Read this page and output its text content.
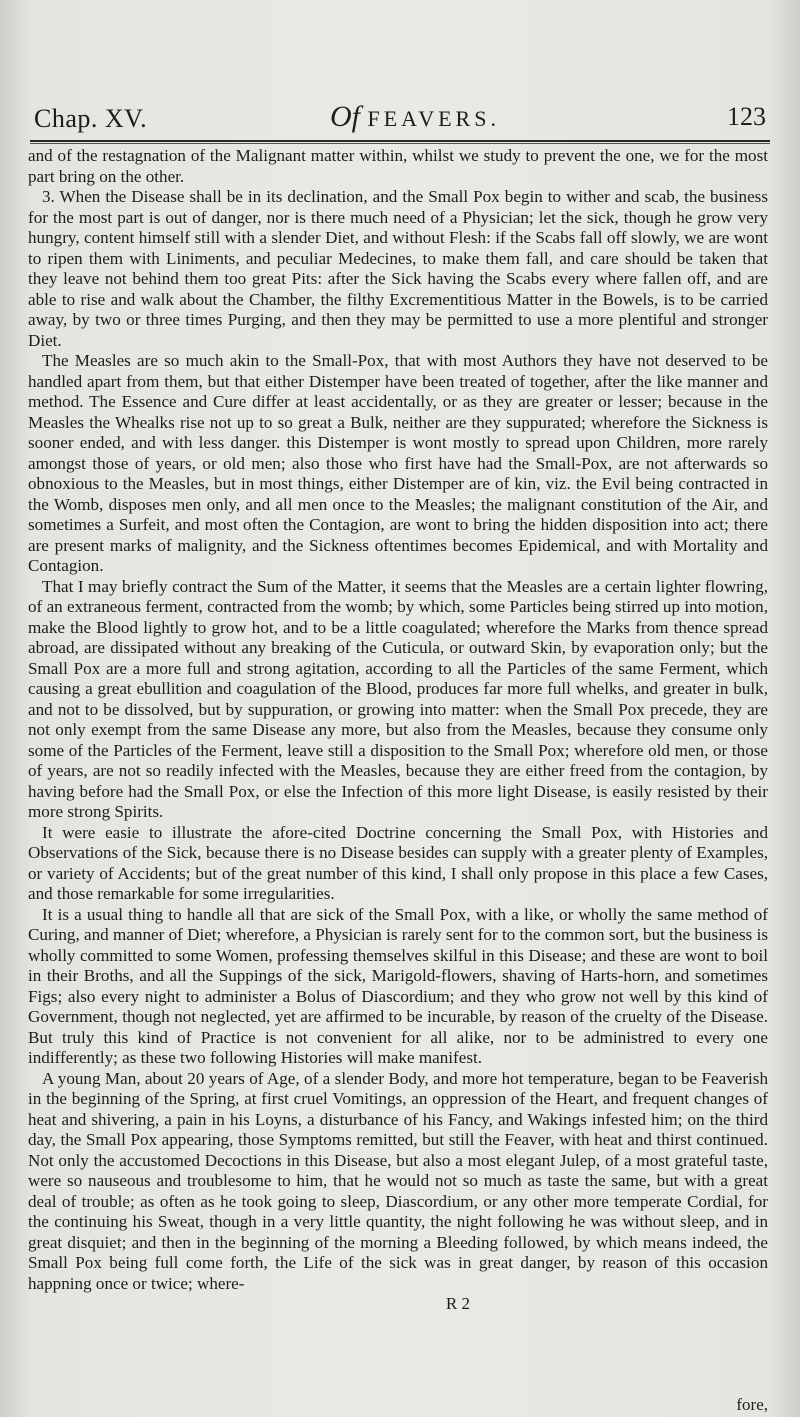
Chap. XV.	Of FEAVERS.	123

and of the restagnation of the Malignant matter within, whilst we study to prevent the one, we for the most part bring on the other.

3. When the Disease shall be in its declination, and the Small Pox begin to wither and scab, the business for the most part is out of danger, nor is there much need of a Physician; let the sick, though he grow very hungry, content himself still with a slender Diet, and without Flesh: if the Scabs fall off slowly, we are wont to ripen them with Liniments, and peculiar Medecines, to make them fall, and care should be taken that they leave not behind them too great Pits: after the Sick having the Scabs every where fallen off, and are able to rise and walk about the Chamber, the filthy Excrementitious Matter in the Bowels, is to be carried away, by two or three times Purging, and then they may be permitted to use a more plentiful and stronger Diet.

The Measles are so much akin to the Small-Pox, that with most Authors they have not deserved to be handled apart from them, but that either Distemper have been treated of together, after the like manner and method. The Essence and Cure differ at least accidentally, or as they are greater or lesser; because in the Measles the Whealks rise not up to so great a Bulk, neither are they suppurated; wherefore the Sickness is sooner ended, and with less danger. this Distemper is wont mostly to spread upon Children, more rarely amongst those of years, or old men; also those who first have had the Small-Pox, are not afterwards so obnoxious to the Measles, but in most things, either Distemper are of kin, viz. the Evil being contracted in the Womb, disposes men only, and all men once to the Measles; the malignant constitution of the Air, and sometimes a Surfeit, and most often the Contagion, are wont to bring the hidden disposition into act; there are present marks of malignity, and the Sickness oftentimes becomes Epidemical, and with Mortality and Contagion.

That I may briefly contract the Sum of the Matter, it seems that the Measles are a certain lighter flowring, of an extraneous ferment, contracted from the womb; by which, some Particles being stirred up into motion, make the Blood lightly to grow hot, and to be a little coagulated; wherefore the Marks from thence spread abroad, are dissipated without any breaking of the Cuticula, or outward Skin, by evaporation only; but the Small Pox are a more full and strong agitation, according to all the Particles of the same Ferment, which causing a great ebullition and coagulation of the Blood, produces far more full whelks, and greater in bulk, and not to be dissolved, but by suppuration, or growing into matter: when the Small Pox precede, they are not only exempt from the same Disease any more, but also from the Measles, because they consume only some of the Particles of the Ferment, leave still a disposition to the Small Pox; wherefore old men, or those of years, are not so readily infected with the Measles, because they are either freed from the contagion, by having before had the Small Pox, or else the Infection of this more light Disease, is easily resisted by their more strong Spirits.

It were easie to illustrate the afore-cited Doctrine concerning the Small Pox, with Histories and Observations of the Sick, because there is no Disease besides can supply with a greater plenty of Examples, or variety of Accidents; but of the great number of this kind, I shall only propose in this place a few Cases, and those remarkable for some irregularities.

It is a usual thing to handle all that are sick of the Small Pox, with a like, or wholly the same method of Curing, and manner of Diet; wherefore, a Physician is rarely sent for to the common sort, but the business is wholly committed to some Women, professing themselves skilful in this Disease; and these are wont to boil in their Broths, and all the Suppings of the sick, Marigold-flowers, shaving of Harts-horn, and sometimes Figs; also every night to administer a Bolus of Diascordium; and they who grow not well by this kind of Government, though not neglected, yet are affirmed to be incurable, by reason of the cruelty of the Disease. But truly this kind of Practice is not convenient for all alike, nor to be administred to every one indifferently; as these two following Histories will make manifest.

A young Man, about 20 years of Age, of a slender Body, and more hot temperature, began to be Feaverish in the beginning of the Spring, at first cruel Vomitings, an oppression of the Heart, and frequent changes of heat and shivering, a pain in his Loyns, a disturbance of his Fancy, and Wakings infested him; on the third day, the Small Pox appearing, those Symptoms remitted, but still the Feaver, with heat and thirst continued. Not only the accustomed Decoctions in this Disease, but also a most elegant Julep, of a most grateful taste, were so nauseous and troublesome to him, that he would not so much as taste the same, but with a great deal of trouble; as often as he took going to sleep, Diascordium, or any other more temperate Cordial, for the continuing his Sweat, though in a very little quantity, the night following he was without sleep, and in great disquiet; and then in the beginning of the morning a Bleeding followed, by which means indeed, the Small Pox being full come forth, the Life of the sick was in great danger, by reason of this occasion happning once or twice; where-

R 2
fore,
